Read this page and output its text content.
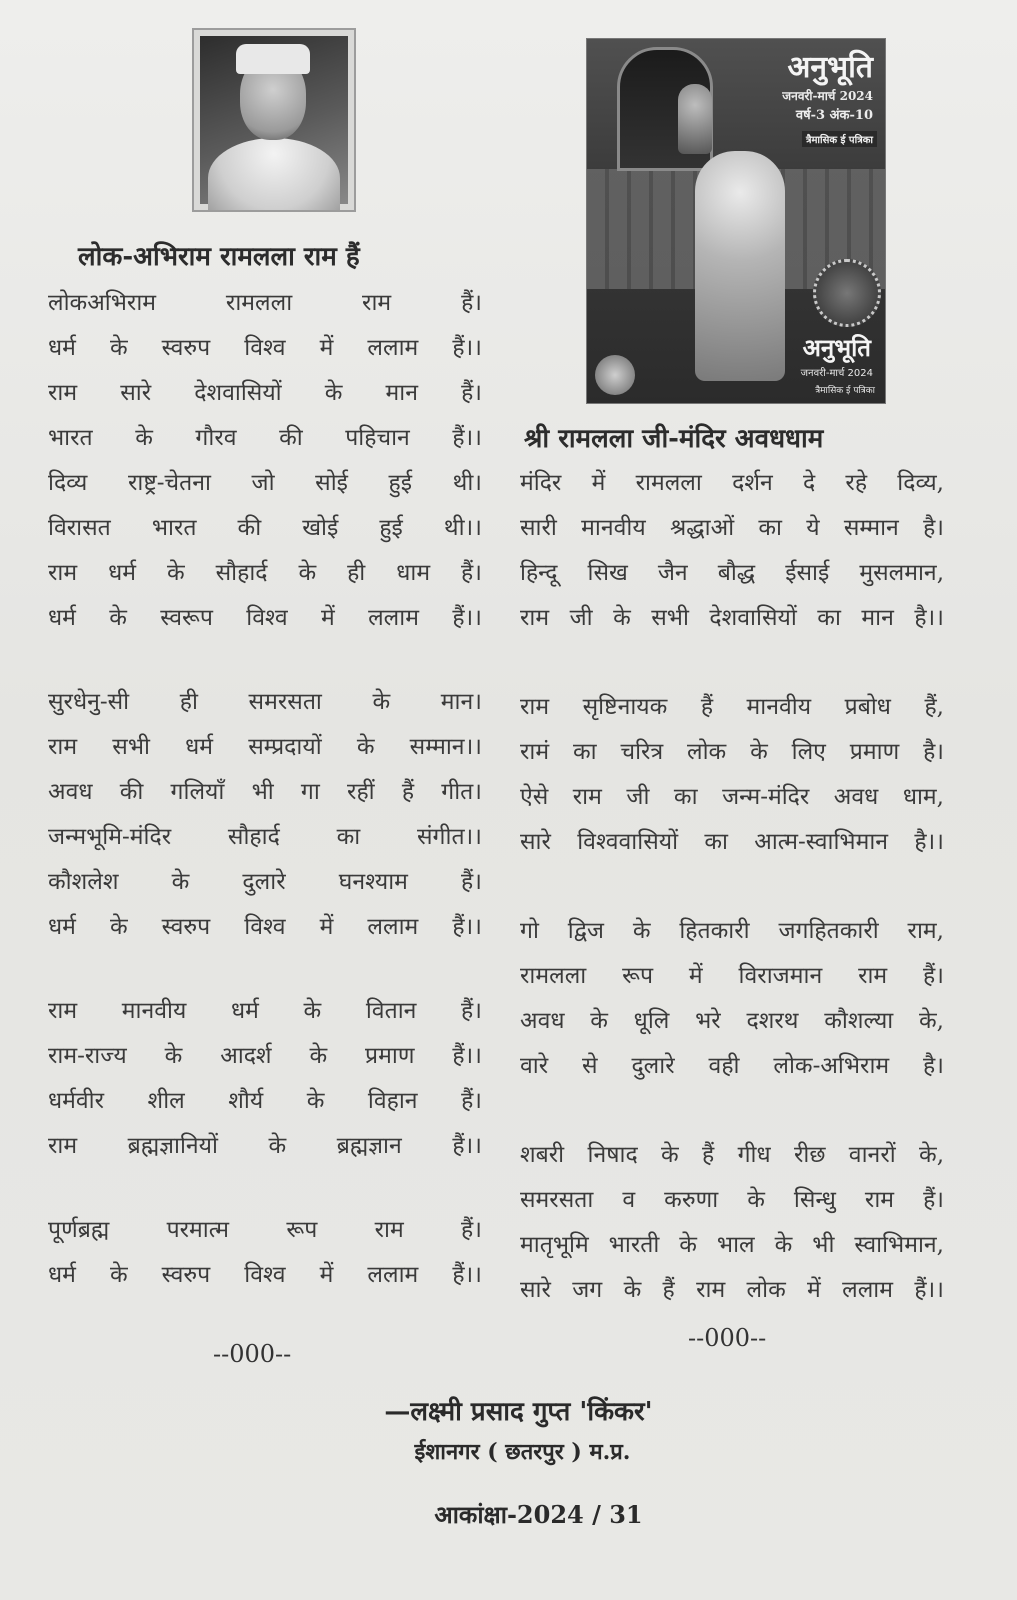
अनुभूति
जनवरी-मार्च 2024
वर्ष-3 अंक-10
त्रैमासिक ई पत्रिका
अनुभूति
जनवरी-मार्च 2024
त्रैमासिक ई पत्रिका
लोक-अभिराम रामलला राम हैं
श्री रामलला जी-मंदिर अवधधाम
लोकअभिराम रामलला राम हैं।
धर्म के स्वरुप विश्व में ललाम हैं।।
राम सारे देशवासियों के मान हैं।
भारत के गौरव की पहिचान हैं।।
दिव्य राष्ट्र-चेतना जो सोई हुई थी।
विरासत भारत की खोई हुई थी।।
राम धर्म के सौहार्द के ही धाम हैं।
धर्म के स्वरूप विश्व में ललाम हैं।।
सुरधेनु-सी ही समरसता के मान।
राम सभी धर्म सम्प्रदायों के सम्मान।।
अवध की गलियाँ भी गा रहीं हैं गीत।
जन्मभूमि-मंदिर सौहार्द का संगीत।।
कौशलेश के दुलारे घनश्याम हैं।
धर्म के स्वरुप विश्व में ललाम हैं।।
राम मानवीय धर्म के वितान हैं।
राम-राज्य के आदर्श के प्रमाण हैं।।
धर्मवीर शील शौर्य के विहान हैं।
राम ब्रह्मज्ञानियों के ब्रह्मज्ञान हैं।।
पूर्णब्रह्म परमात्म रूप राम हैं।
धर्म के स्वरुप विश्व में ललाम हैं।।
मंदिर में रामलला दर्शन दे रहे दिव्य,
सारी मानवीय श्रद्धाओं का ये सम्मान है।
हिन्दू सिख जैन बौद्ध ईसाई मुसलमान,
राम जी के सभी देशवासियों का मान है।।
राम सृष्टिनायक हैं मानवीय प्रबोध हैं,
रामं का चरित्र लोक के लिए प्रमाण है।
ऐसे राम जी का जन्म-मंदिर अवध धाम,
सारे विश्ववासियों का आत्म-स्वाभिमान है।।
गो द्विज के हितकारी जगहितकारी राम,
रामलला रूप में विराजमान राम हैं।
अवध के धूलि भरे दशरथ कौशल्या के,
वारे से दुलारे वही लोक-अभिराम है।
शबरी निषाद के हैं गीध रीछ वानरों के,
समरसता व करुणा के सिन्धु राम हैं।
मातृभूमि भारती के भाल के भी स्वाभिमान,
सारे जग के हैं राम लोक में ललाम हैं।।
--000--
--000--
—लक्ष्मी प्रसाद गुप्त 'किंकर'
ईशानगर ( छतरपुर ) म.प्र.
आकांक्षा-2024 / 31
